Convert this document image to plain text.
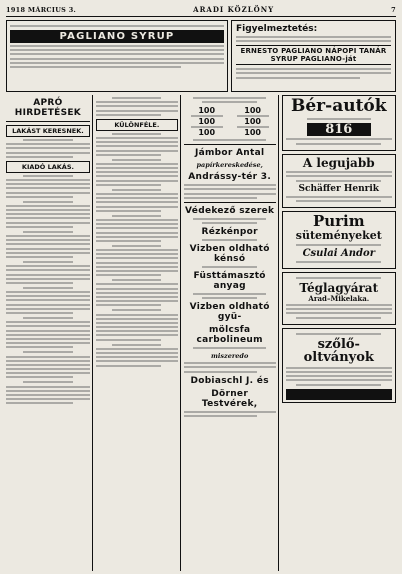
1918 MÁRCIUS 3.	ARADI KÖZLÖNY	7
PAGLIANO SYRUP
Figyelmeztetés:
ERNESTO PAGLIANO NÁPOPI TANÁR SYRUP PAGLIANO-ját
APRÓ HIRDETÉSEK
LAKÁST KERESNEK.
KIADÓ LAKÁS.
KÜLÖNFÉLE.
100	100
100	100
100	100
Jámbor Antal
papírkereskedése,
Andrássy-tér 3.
Védekező szerek
Rézkénpor
Vizben oldható kénsó
Füsttámasztó anyag
Vizben oldható gyü-
mölcsfa carbolineum
miszeredo
Dobiaschl J. és
Dörner Testvérek,
Bér-autók
816
A legujabb
Schäffer Henrik
Purim
süteményeket
Csulai Andor
Téglagyárat
Arad–Mikelaka.
szőlő-
oltványok
